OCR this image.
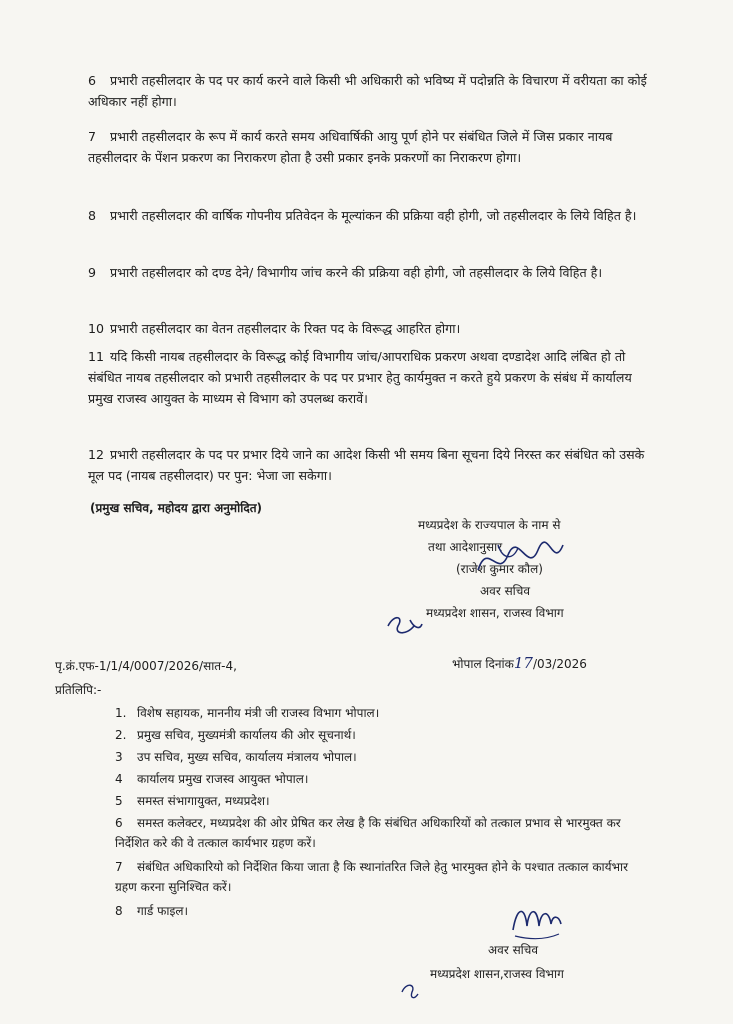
6 प्रभारी तहसीलदार के पद पर कार्य करने वाले किसी भी अधिकारी को भविष्य में पदोन्नति के विचारण में वरीयता का कोई अधिकार नहीं होगा।
7 प्रभारी तहसीलदार के रूप में कार्य करते समय अधिवार्षिकी आयु पूर्ण होने पर संबंधित जिले में जिस प्रकार नायब तहसीलदार के पेंशन प्रकरण का निराकरण होता है उसी प्रकार इनके प्रकरणों का निराकरण होगा।
8 प्रभारी तहसीलदार की वार्षिक गोपनीय प्रतिवेदन के मूल्यांकन की प्रक्रिया वही होगी, जो तहसीलदार के लिये विहित है।
9 प्रभारी तहसीलदार को दण्ड देने/ विभागीय जांच करने की प्रक्रिया वही होगी, जो तहसीलदार के लिये विहित है।
10 प्रभारी तहसीलदार का वेतन तहसीलदार के रिक्त पद के विरूद्ध आहरित होगा।
11 यदि किसी नायब तहसीलदार के विरूद्ध कोई विभागीय जांच/आपराधिक प्रकरण अथवा दण्डादेश आदि लंबित हो तो संबंधित नायब तहसीलदार को प्रभारी तहसीलदार के पद पर प्रभार हेतु कार्यमुक्त न करते हुये प्रकरण के संबंध में कार्यालय प्रमुख राजस्व आयुक्त के माध्यम से विभाग को उपलब्ध करावें।
12 प्रभारी तहसीलदार के पद पर प्रभार दिये जाने का आदेश किसी भी समय बिना सूचना दिये निरस्त कर संबंधित को उसके मूल पद (नायब तहसीलदार) पर पुन: भेजा जा सकेगा।
(प्रमुख सचिव, महोदय द्वारा अनुमोदित)
मध्यप्रदेश के राज्यपाल के नाम से
तथा आदेशानुसार
(राजेश कुमार कौल)
अवर सचिव
मध्यप्रदेश शासन, राजस्व विभाग
पृ.क्रं.एफ-1/1/4/0007/2026/सात-4,	भोपाल दिनांक17/03/2026
प्रतिलिपि:-
1. विशेष सहायक, माननीय मंत्री जी राजस्व विभाग भोपाल।
2. प्रमुख सचिव, मुख्यमंत्री कार्यालय की ओर सूचनार्थ।
3 उप सचिव, मुख्य सचिव, कार्यालय मंत्रालय भोपाल।
4 कार्यालय प्रमुख राजस्व आयुक्त भोपाल।
5 समस्त संभागायुक्त, मध्यप्रदेश।
6 समस्त कलेक्टर, मध्यप्रदेश की ओर प्रेषित कर लेख है कि संबंधित अधिकारियों को तत्काल प्रभाव से भारमुक्त कर निर्देशित करे की वे तत्काल कार्यभार ग्रहण करें।
7 संबंधित अधिकारियो को निर्देशित किया जाता है कि स्थानांतरित जिले हेतु भारमुक्त होने के पश्चात तत्काल कार्यभार ग्रहण करना सुनिश्चित करें।
8 गार्ड फाइल।
अवर सचिव
मध्यप्रदेश शासन,राजस्व विभाग
